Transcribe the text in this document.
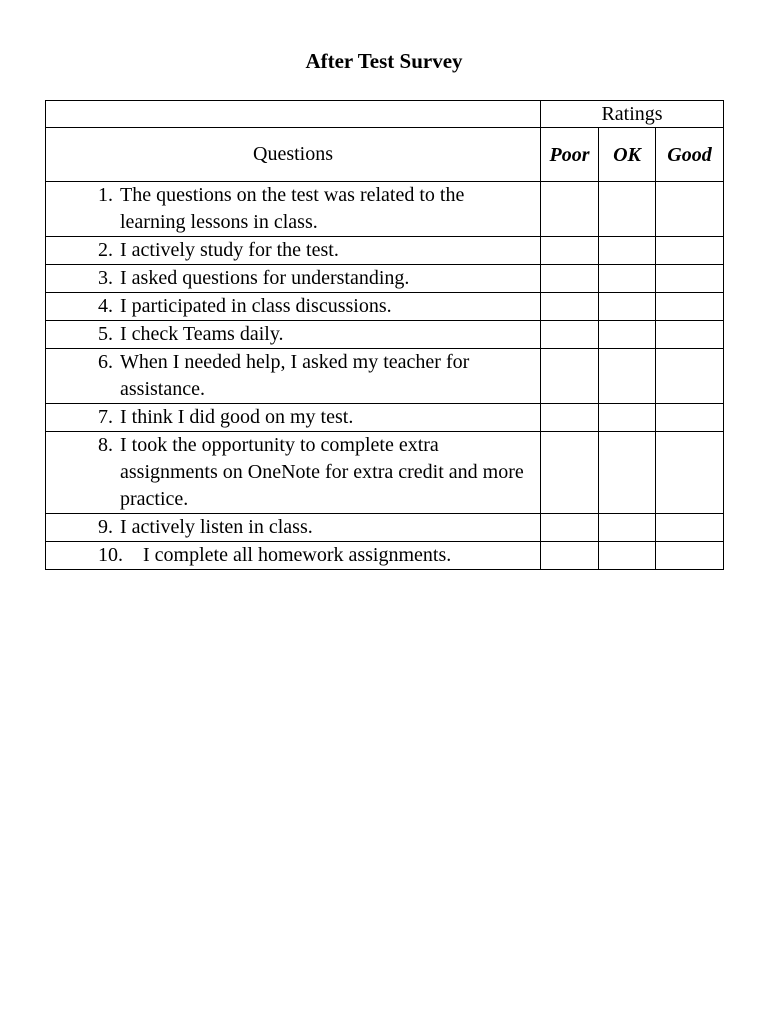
After Test Survey
	Ratings		
Questions	Poor	OK	Good

1. The questions on the test was related to the learning lessons in class.			

2. I actively study for the test.			

3. I asked questions for understanding.			

4. I participated in class discussions.			

5. I check Teams daily.			

6. When I needed help, I asked my teacher for assistance.			

7. I think I did good on my test.			

8. I took the opportunity to complete extra assignments on OneNote for extra credit and more practice.			

9. I actively listen in class.			

10. I complete all homework assignments.			
